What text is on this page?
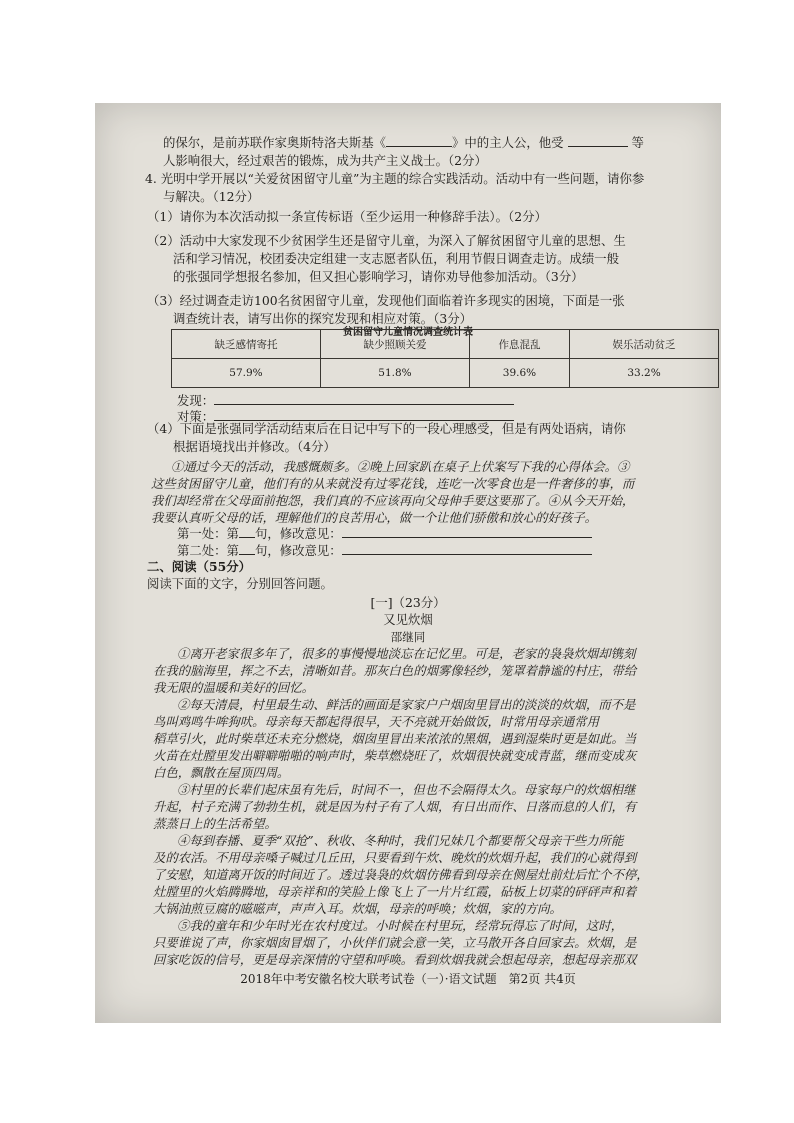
的保尔，是前苏联作家奥斯特洛夫斯基《	》中的主人公，他受	等
人影响很大，经过艰苦的锻炼，成为共产主义战士。（2分）
4. 光明中学开展以“关爱贫困留守儿童”为主题的综合实践活动。活动中有一些问题，请你参
与解决。（12分）
（1）请你为本次活动拟一条宣传标语（至少运用一种修辞手法）。（2分）
（2）活动中大家发现不少贫困学生还是留守儿童，为深入了解贫困留守儿童的思想、生
活和学习情况，校团委决定组建一支志愿者队伍，利用节假日调查走访。成绩一般
的张强同学想报名参加，但又担心影响学习，请你劝导他参加活动。（3分）
（3）经过调查走访100名贫困留守儿童，发现他们面临着许多现实的困境，下面是一张
调查统计表，请写出你的探究发现和相应对策。（3分）
贫困留守儿童情况调查统计表
缺乏感情寄托	缺少照顾关爱	作息混乱	娱乐活动贫乏
57.9%	51.8%	39.6%	33.2%
发现：
对策：
（4）下面是张强同学活动结束后在日记中写下的一段心理感受，但是有两处语病，请你
根据语境找出并修改。（4分）
①通过今天的活动，我感慨颇多。②晚上回家趴在桌子上伏案写下我的心得体会。③
这些贫困留守儿童，他们有的从来就没有过零花钱，连吃一次零食也是一件奢侈的事，而
我们却经常在父母面前抱怨，我们真的不应该再向父母伸手要这要那了。④从今天开始，
我要认真听父母的话，理解他们的良苦用心，做一个让他们骄傲和放心的好孩子。
第一处：第 句，修改意见：
第二处：第 句，修改意见：
二、阅读（55分）
阅读下面的文字，分别回答问题。
[一]（23分）
又见炊烟
邵继同
①离开老家很多年了，很多的事慢慢地淡忘在记忆里。可是，老家的袅袅炊烟却镌刻
在我的脑海里，挥之不去，清晰如昔。那灰白色的烟雾像轻纱，笼罩着静谧的村庄，带给
我无限的温暖和美好的回忆。
②每天清晨，村里最生动、鲜活的画面是家家户户烟囱里冒出的淡淡的炊烟，而不是
鸟叫鸡鸣牛哞狗吠。母亲每天都起得很早，天不亮就开始做饭，时常用母亲通常用
稻草引火，此时柴草还未充分燃烧，烟囱里冒出来浓浓的黑烟，遇到湿柴时更是如此。当
火苗在灶膛里发出噼噼啪啪的响声时，柴草燃烧旺了，炊烟很快就变成青蓝，继而变成灰
白色，飘散在屋顶四周。
③村里的长辈们起床虽有先后，时间不一，但也不会隔得太久。母家每户的炊烟相继
升起，村子充满了勃勃生机，就是因为村子有了人烟，有日出而作、日落而息的人们，有
蒸蒸日上的生活希望。
④每到春播、夏季“双抢”、秋收、冬种时，我们兄妹几个都要帮父母亲干些力所能
及的农活。不用母亲嗓子喊过几丘田，只要看到午炊、晚炊的炊烟升起，我们的心就得到
了安慰，知道离开饭的时间近了。透过袅袅的炊烟仿佛看到母亲在侧屋灶前灶后忙个不停，
灶膛里的火焰腾腾地，母亲祥和的笑脸上像飞上了一片片红霞，砧板上切菜的砰砰声和着
大锅油煎豆腐的嗞嗞声，声声入耳。炊烟，母亲的呼唤；炊烟，家的方向。
⑤我的童年和少年时光在农村度过。小时候在村里玩，经常玩得忘了时间，这时，
只要谁说了声，你家烟囱冒烟了，小伙伴们就会意一笑，立马散开各自回家去。炊烟，是
回家吃饭的信号，更是母亲深情的守望和呼唤。看到炊烟我就会想起母亲，想起母亲那双
2018年中考安徽名校大联考试卷（一）·语文试题　第2页 共4页
